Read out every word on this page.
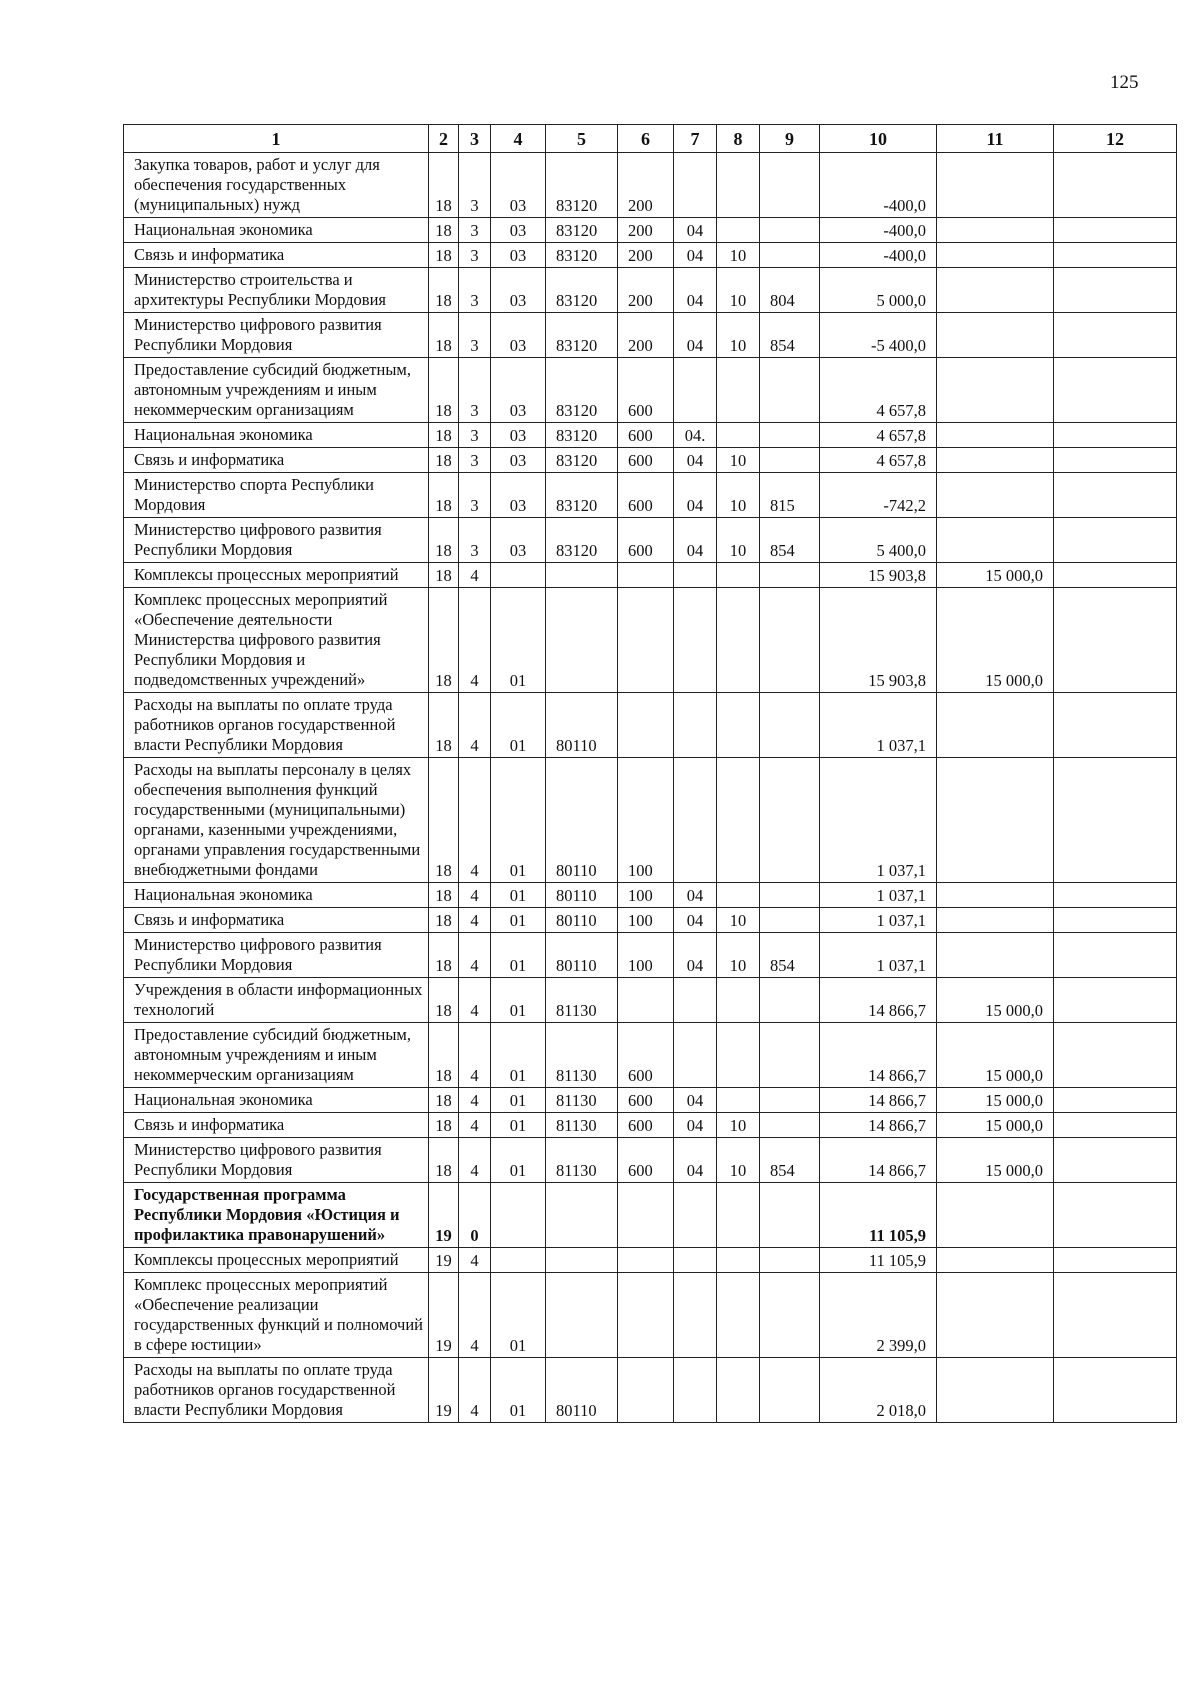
125
1	2	3	4	5	6	7	8	9	10	11	12
Закупка товаров, работ и услуг для обеспечения государственных (муниципальных) нужд	18	3	03	83120	200				-400,0		
Национальная экономика	18	3	03	83120	200	04			-400,0		
Связь и информатика	18	3	03	83120	200	04	10		-400,0		
Министерство строительства и архитектуры Республики Мордовия	18	3	03	83120	200	04	10	804	5 000,0		
Министерство цифрового развития Республики Мордовия	18	3	03	83120	200	04	10	854	-5 400,0		
Предоставление субсидий бюджетным, автономным учреждениям и иным некоммерческим организациям	18	3	03	83120	600				4 657,8		
Национальная экономика	18	3	03	83120	600	04.			4 657,8		
Связь и информатика	18	3	03	83120	600	04	10		4 657,8		
Министерство спорта Республики Мордовия	18	3	03	83120	600	04	10	815	-742,2		
Министерство цифрового развития Республики Мордовия	18	3	03	83120	600	04	10	854	5 400,0		
Комплексы процессных мероприятий	18	4							15 903,8	15 000,0	
Комплекс процессных мероприятий «Обеспечение деятельности Министерства цифрового развития Республики Мордовия и подведомственных учреждений»	18	4	01						15 903,8	15 000,0	
Расходы на выплаты по оплате труда работников органов государственной власти Республики Мордовия	18	4	01	80110					1 037,1		
Расходы на выплаты персоналу в целях обеспечения выполнения функций государственными (муниципальными) органами, казенными учреждениями, органами управления государственными внебюджетными фондами	18	4	01	80110	100				1 037,1		
Национальная экономика	18	4	01	80110	100	04			1 037,1		
Связь и информатика	18	4	01	80110	100	04	10		1 037,1		
Министерство цифрового развития Республики Мордовия	18	4	01	80110	100	04	10	854	1 037,1		
Учреждения в области информационных технологий	18	4	01	81130					14 866,7	15 000,0	
Предоставление субсидий бюджетным, автономным учреждениям и иным некоммерческим организациям	18	4	01	81130	600				14 866,7	15 000,0	
Национальная экономика	18	4	01	81130	600	04			14 866,7	15 000,0	
Связь и информатика	18	4	01	81130	600	04	10		14 866,7	15 000,0	
Министерство цифрового развития Республики Мордовия	18	4	01	81130	600	04	10	854	14 866,7	15 000,0	
Государственная программа Республики Мордовия «Юстиция и профилактика правонарушений»	19	0							11 105,9		
Комплексы процессных мероприятий	19	4							11 105,9		
Комплекс процессных мероприятий «Обеспечение реализации государственных функций и полномочий в сфере юстиции»	19	4	01						2 399,0		
Расходы на выплаты по оплате труда работников органов государственной власти Республики Мордовия	19	4	01	80110					2 018,0		
